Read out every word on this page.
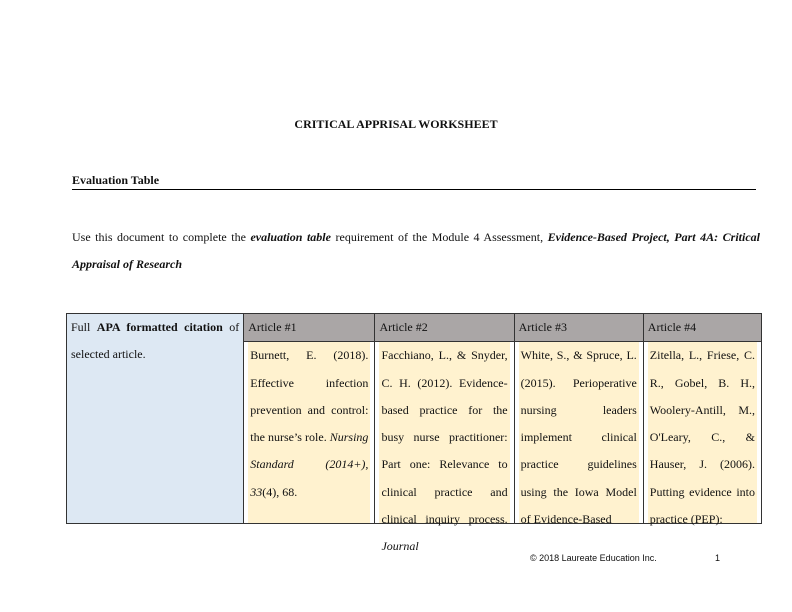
CRITICAL APPRISAL WORKSHEET
Evaluation Table
Use this document to complete the evaluation table requirement of the Module 4 Assessment, Evidence-Based Project, Part 4A: Critical Appraisal of Research
Full APA formatted citation of selected article.	Article #1	Article #2	Article #3	Article #4

	Burnett, E. (2018). Effective infection prevention and control: the nurse’s role. Nursing Standard (2014+), 33(4), 68.	Facchiano, L., & Snyder, C. H. (2012). Evidence-based practice for the busy nurse practitioner: Part one: Relevance to clinical practice and clinical inquiry process. Journal	White, S., & Spruce, L. (2015). Perioperative nursing leaders implement clinical practice guidelines using the Iowa Model of Evidence-Based	Zitella, L., Friese, C. R., Gobel, B. H., Woolery-Antill, M., O'Leary, C., & Hauser, J. (2006). Putting evidence into practice (PEP):
© 2018 Laureate Education Inc.	1
